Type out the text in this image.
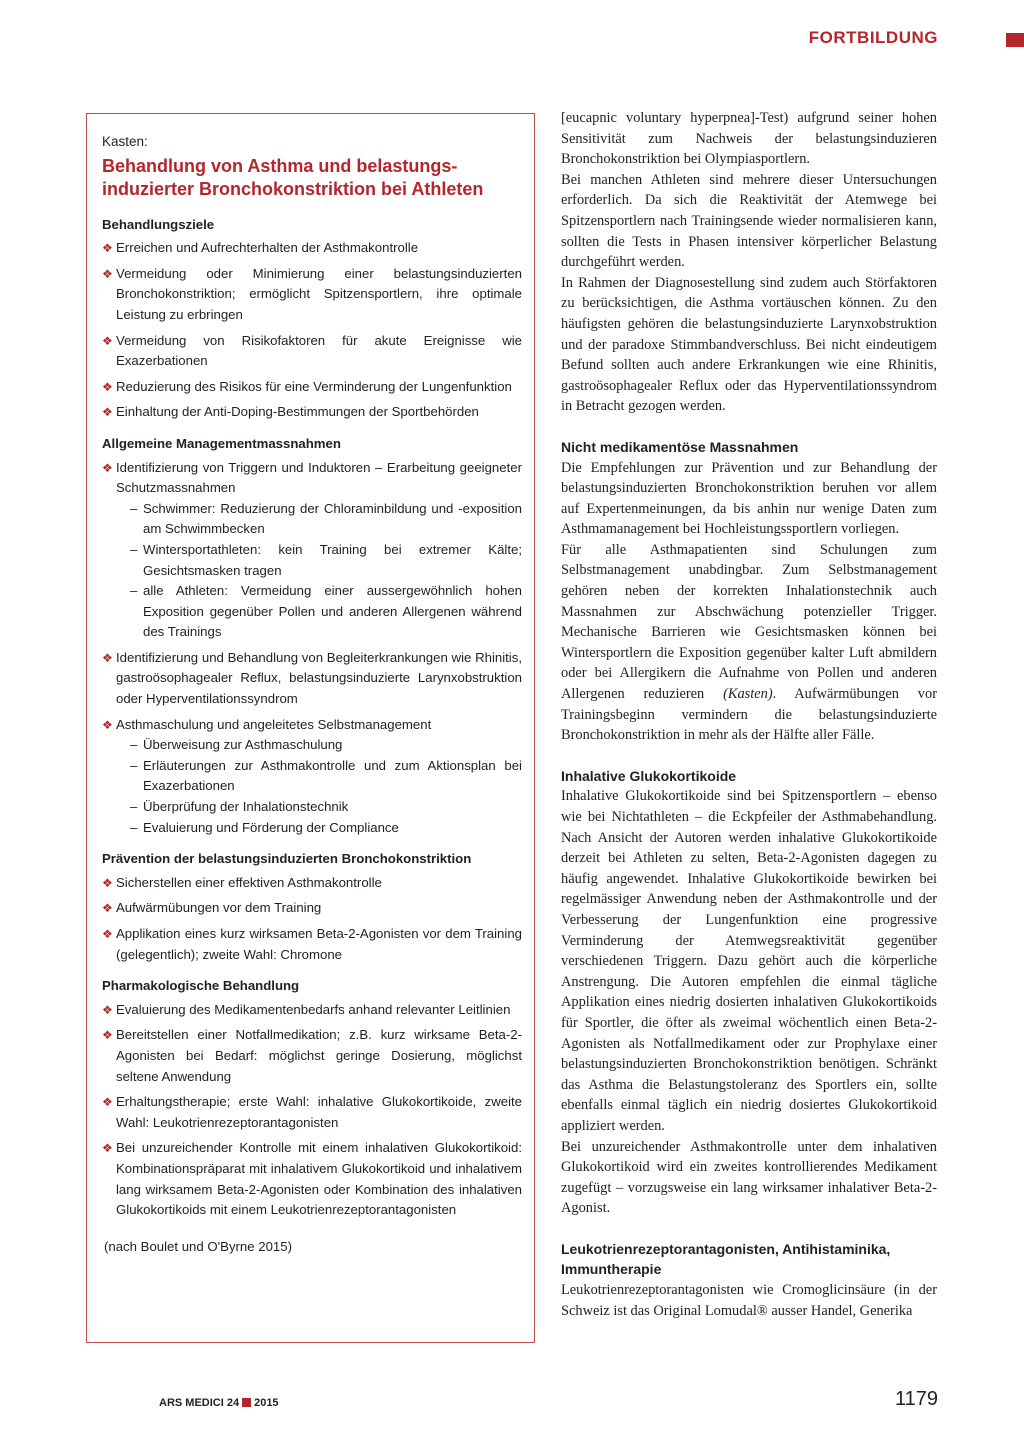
FORTBILDUNG
Kasten:
Behandlung von Asthma und belastungs-
induzierter Bronchokonstriktion bei Athleten
Behandlungsziele
❖ Erreichen und Aufrechterhalten der Asthmakontrolle
❖ Vermeidung oder Minimierung einer belastungsinduzierten Bronchokonstriktion; ermöglicht Spitzensportlern, ihre optimale Leistung zu erbringen
❖ Vermeidung von Risikofaktoren für akute Ereignisse wie Exazerbationen
❖ Reduzierung des Risikos für eine Verminderung der Lungenfunktion
❖ Einhaltung der Anti-Doping-Bestimmungen der Sportbehörden
Allgemeine Managementmassnahmen
❖ Identifizierung von Triggern und Induktoren – Erarbeitung geeigneter Schutzmassnahmen
– Schwimmer: Reduzierung der Chloraminbildung und -exposition am Schwimmbecken
– Wintersportathleten: kein Training bei extremer Kälte; Gesichtsmasken tragen
– alle Athleten: Vermeidung einer aussergewöhnlich hohen Exposition gegenüber Pollen und anderen Allergenen während des Trainings
❖ Identifizierung und Behandlung von Begleiterkrankungen wie Rhinitis, gastroösophagealer Reflux, belastungsinduzierte Larynxobstruktion oder Hyperventilationssyndrom
❖ Asthmaschulung und angeleitetes Selbstmanagement
– Überweisung zur Asthmaschulung
– Erläuterungen zur Asthmakontrolle und zum Aktionsplan bei Exazerbationen
– Überprüfung der Inhalationstechnik
– Evaluierung und Förderung der Compliance
Prävention der belastungsinduzierten Bronchokonstriktion
❖ Sicherstellen einer effektiven Asthmakontrolle
❖ Aufwärmübungen vor dem Training
❖ Applikation eines kurz wirksamen Beta-2-Agonisten vor dem Training (gelegentlich); zweite Wahl: Chromone
Pharmakologische Behandlung
❖ Evaluierung des Medikamentenbedarfs anhand relevanter Leitlinien
❖ Bereitstellen einer Notfallmedikation; z.B. kurz wirksame Beta-2-Agonisten bei Bedarf: möglichst geringe Dosierung, möglichst seltene Anwendung
❖ Erhaltungstherapie; erste Wahl: inhalative Glukokortikoide, zweite Wahl: Leukotrienrezeptorantagonisten
❖ Bei unzureichender Kontrolle mit einem inhalativen Glukokortikoid: Kombinationspräparat mit inhalativem Glukokortikoid und inhalativem lang wirksamem Beta-2-Agonisten oder Kombination des inhalativen Glukokortikoids mit einem Leukotrienrezeptorantagonisten
(nach Boulet und O'Byrne 2015)

[eucapnic voluntary hyperpnea]-Test) aufgrund seiner hohen Sensitivität zum Nachweis der belastungsinduzieren Bronchokonstriktion bei Olympiasportlern.

Bei manchen Athleten sind mehrere dieser Untersuchungen erforderlich. Da sich die Reaktivität der Atemwege bei Spitzensportlern nach Trainingsende wieder normalisieren kann, sollten die Tests in Phasen intensiver körperlicher Belastung durchgeführt werden.

In Rahmen der Diagnosestellung sind zudem auch Störfaktoren zu berücksichtigen, die Asthma vortäuschen können. Zu den häufigsten gehören die belastungsinduzierte Larynxobstruktion und der paradoxe Stimmbandverschluss. Bei nicht eindeutigem Befund sollten auch andere Erkrankungen wie eine Rhinitis, gastroösophagealer Reflux oder das Hyperventilationssyndrom in Betracht gezogen werden.

Nicht medikamentöse Massnahmen

Die Empfehlungen zur Prävention und zur Behandlung der belastungsinduzierten Bronchokonstriktion beruhen vor allem auf Expertenmeinungen, da bis anhin nur wenige Daten zum Asthmamanagement bei Hochleistungssportlern vorliegen.

Für alle Asthmapatienten sind Schulungen zum Selbstmanagement unabdingbar. Zum Selbstmanagement gehören neben der korrekten Inhalationstechnik auch Massnahmen zur Abschwächung potenzieller Trigger. Mechanische Barrieren wie Gesichtsmasken können bei Wintersportlern die Exposition gegenüber kalter Luft abmildern oder bei Allergikern die Aufnahme von Pollen und anderen Allergenen reduzieren (Kasten). Aufwärmübungen vor Trainingsbeginn vermindern die belastungsinduzierte Bronchokonstriktion in mehr als der Hälfte aller Fälle.

Inhalative Glukokortikoide

Inhalative Glukokortikoide sind bei Spitzensportlern – ebenso wie bei Nichtathleten – die Eckpfeiler der Asthmabehandlung. Nach Ansicht der Autoren werden inhalative Glukokortikoide derzeit bei Athleten zu selten, Beta-2-Agonisten dagegen zu häufig angewendet. Inhalative Glukokortikoide bewirken bei regelmässiger Anwendung neben der Asthmakontrolle und der Verbesserung der Lungenfunktion eine progressive Verminderung der Atemwegsreaktivität gegenüber verschiedenen Triggern. Dazu gehört auch die körperliche Anstrengung. Die Autoren empfehlen die einmal tägliche Applikation eines niedrig dosierten inhalativen Glukokortikoids für Sportler, die öfter als zweimal wöchentlich einen Beta-2-Agonisten als Notfallmedikament oder zur Prophylaxe einer belastungsinduzierten Bronchokonstriktion benötigen. Schränkt das Asthma die Belastungstoleranz des Sportlers ein, sollte ebenfalls einmal täglich ein niedrig dosiertes Glukokortikoid appliziert werden.

Bei unzureichender Asthmakontrolle unter dem inhalativen Glukokortikoid wird ein zweites kontrollierendes Medikament zugefügt – vorzugsweise ein lang wirksamer inhalativer Beta-2-Agonist.

Leukotrienrezeptorantagonisten, Antihistaminika, Immuntherapie

Leukotrienrezeptorantagonisten wie Cromoglicinsäure (in der Schweiz ist das Original Lomudal® ausser Handel, Generika

ARS MEDICI 24 2015	1179
